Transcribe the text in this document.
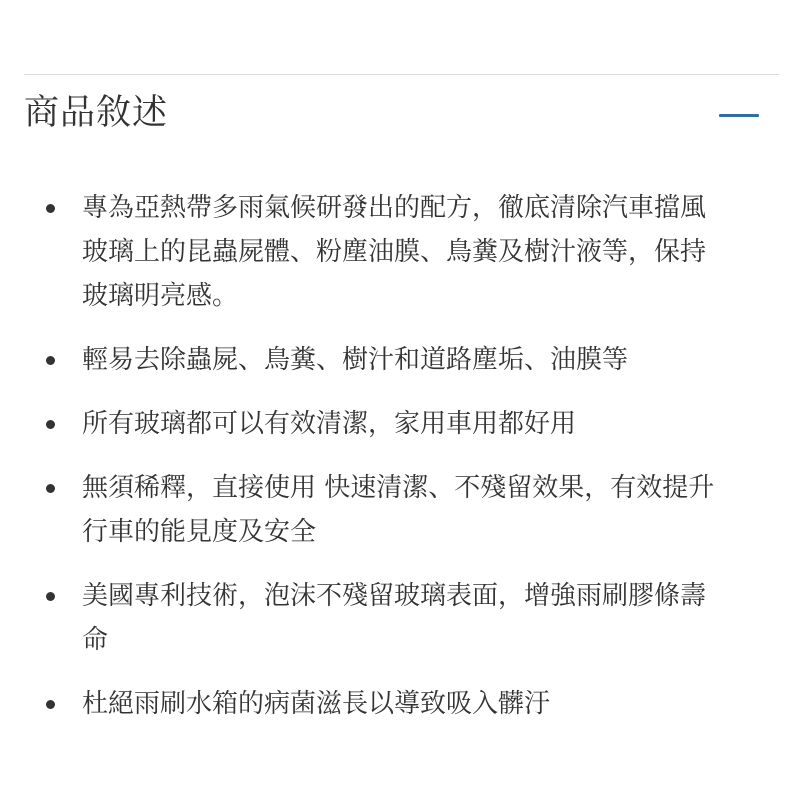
商品敘述
專為亞熱帶多雨氣候研發出的配方，徹底清除汽車擋風玻璃上的昆蟲屍體、粉塵油膜、鳥糞及樹汁液等，保持玻璃明亮感。
輕易去除蟲屍、鳥糞、樹汁和道路塵垢、油膜等
所有玻璃都可以有效清潔，家用車用都好用
無須稀釋，直接使用 快速清潔、不殘留效果，有效提升行車的能見度及安全
美國專利技術，泡沫不殘留玻璃表面，增強雨刷膠條壽命
杜絕雨刷水箱的病菌滋長以導致吸入髒汙
